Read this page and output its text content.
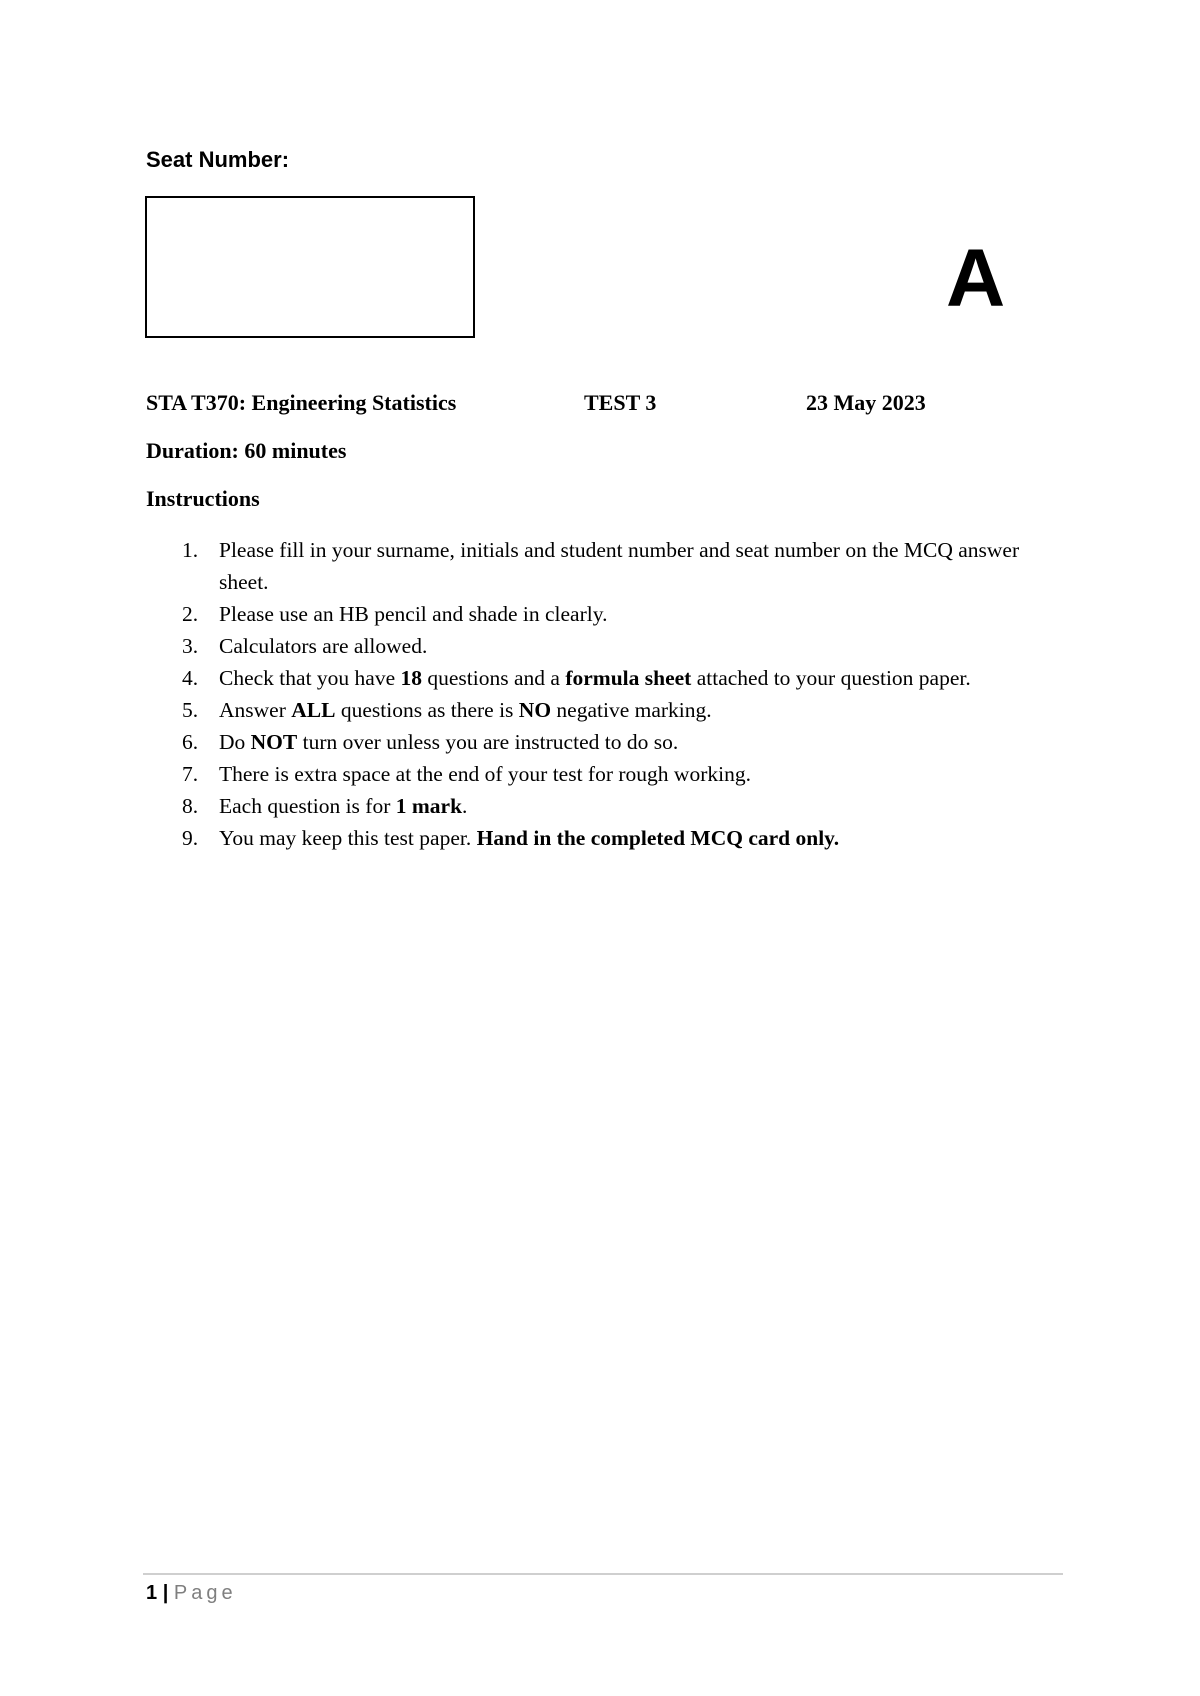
Seat Number:
A
STA T370: Engineering Statistics	TEST 3	23 May 2023
Duration: 60 minutes
Instructions
1. Please fill in your surname, initials and student number and seat number on the MCQ answer sheet.
2. Please use an HB pencil and shade in clearly.
3. Calculators are allowed.
4. Check that you have 18 questions and a formula sheet attached to your question paper.
5. Answer ALL questions as there is NO negative marking.
6. Do NOT turn over unless you are instructed to do so.
7. There is extra space at the end of your test for rough working.
8. Each question is for 1 mark.
9. You may keep this test paper. Hand in the completed MCQ card only.
1 | Page
